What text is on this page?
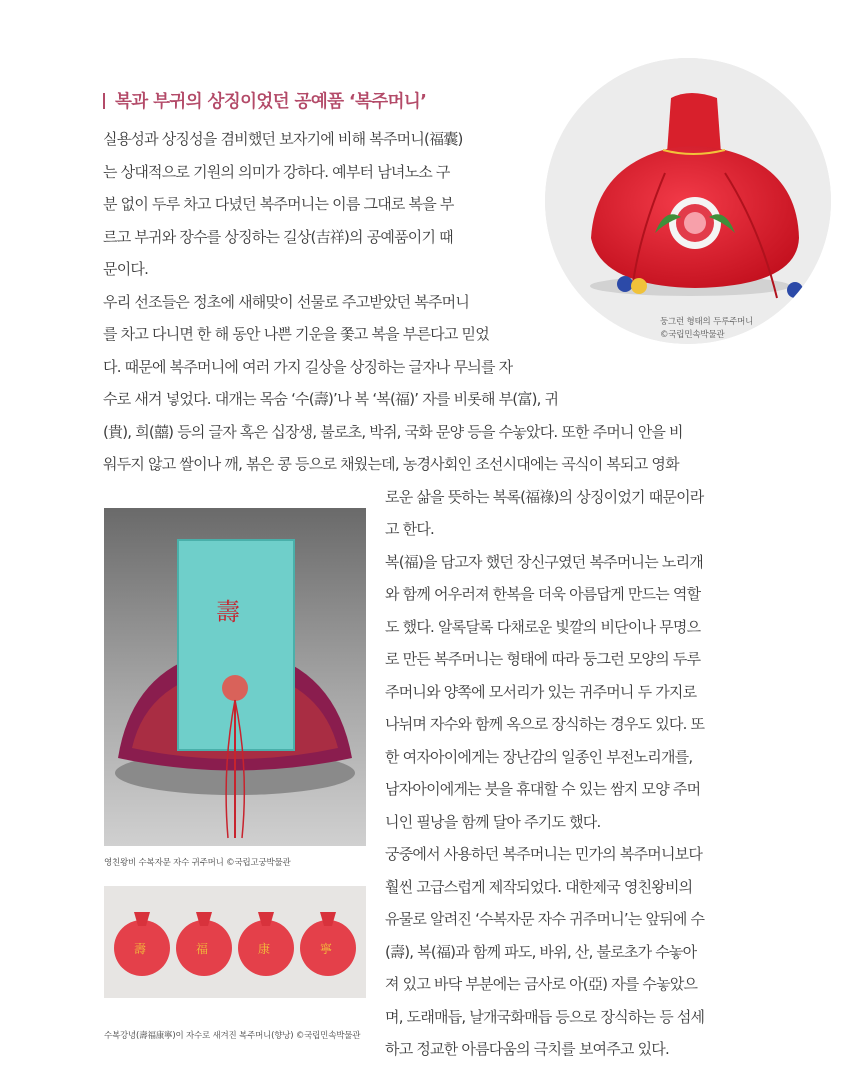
복과 부귀의 상징이었던 공예품 ‘복주머니’
둥그런 형태의 두루주머니
©국립민속박물관
壽
영친왕비 수복자문 자수 귀주머니 ©국립고궁박물관
壽	福	康	寧
수복강녕(壽福康寧)이 자수로 새겨진 복주머니(향낭) ©국립민속박물관
실용성과 상징성을 겸비했던 보자기에 비해 복주머니(福囊)
는 상대적으로 기원의 의미가 강하다. 예부터 남녀노소 구
분 없이 두루 차고 다녔던 복주머니는 이름 그대로 복을 부
르고 부귀와 장수를 상징하는 길상(吉祥)의 공예품이기 때
문이다.
우리 선조들은 정초에 새해맞이 선물로 주고받았던 복주머니
를 차고 다니면 한 해 동안 나쁜 기운을 쫓고 복을 부른다고 믿었
다. 때문에 복주머니에 여러 가지 길상을 상징하는 글자나 무늬를 자
수로 새겨 넣었다. 대개는 목숨 ‘수(壽)’나 복 ‘복(福)’ 자를 비롯해 부(富), 귀
(貴), 희(囍) 등의 글자 혹은 십장생, 불로초, 박쥐, 국화 문양 등을 수놓았다. 또한 주머니 안을 비
워두지 않고 쌀이나 깨, 볶은 콩 등으로 채웠는데, 농경사회인 조선시대에는 곡식이 복되고 영화
로운 삶을 뜻하는 복록(福祿)의 상징이었기 때문이라
고 한다.
복(福)을 담고자 했던 장신구였던 복주머니는 노리개
와 함께 어우러져 한복을 더욱 아름답게 만드는 역할
도 했다. 알록달록 다채로운 빛깔의 비단이나 무명으
로 만든 복주머니는 형태에 따라 둥그런 모양의 두루
주머니와 양쪽에 모서리가 있는 귀주머니 두 가지로
나뉘며 자수와 함께 옥으로 장식하는 경우도 있다. 또
한 여자아이에게는 장난감의 일종인 부전노리개를,
남자아이에게는 붓을 휴대할 수 있는 쌈지 모양 주머
니인 필낭을 함께 달아 주기도 했다.
궁중에서 사용하던 복주머니는 민가의 복주머니보다
훨씬 고급스럽게 제작되었다. 대한제국 영친왕비의
유물로 알려진 ‘수복자문 자수 귀주머니’는 앞뒤에 수
(壽), 복(福)과 함께 파도, 바위, 산, 불로초가 수놓아
져 있고 바닥 부분에는 금사로 아(亞) 자를 수놓았으
며, 도래매듭, 날개국화매듭 등으로 장식하는 등 섬세
하고 정교한 아름다움의 극치를 보여주고 있다.
